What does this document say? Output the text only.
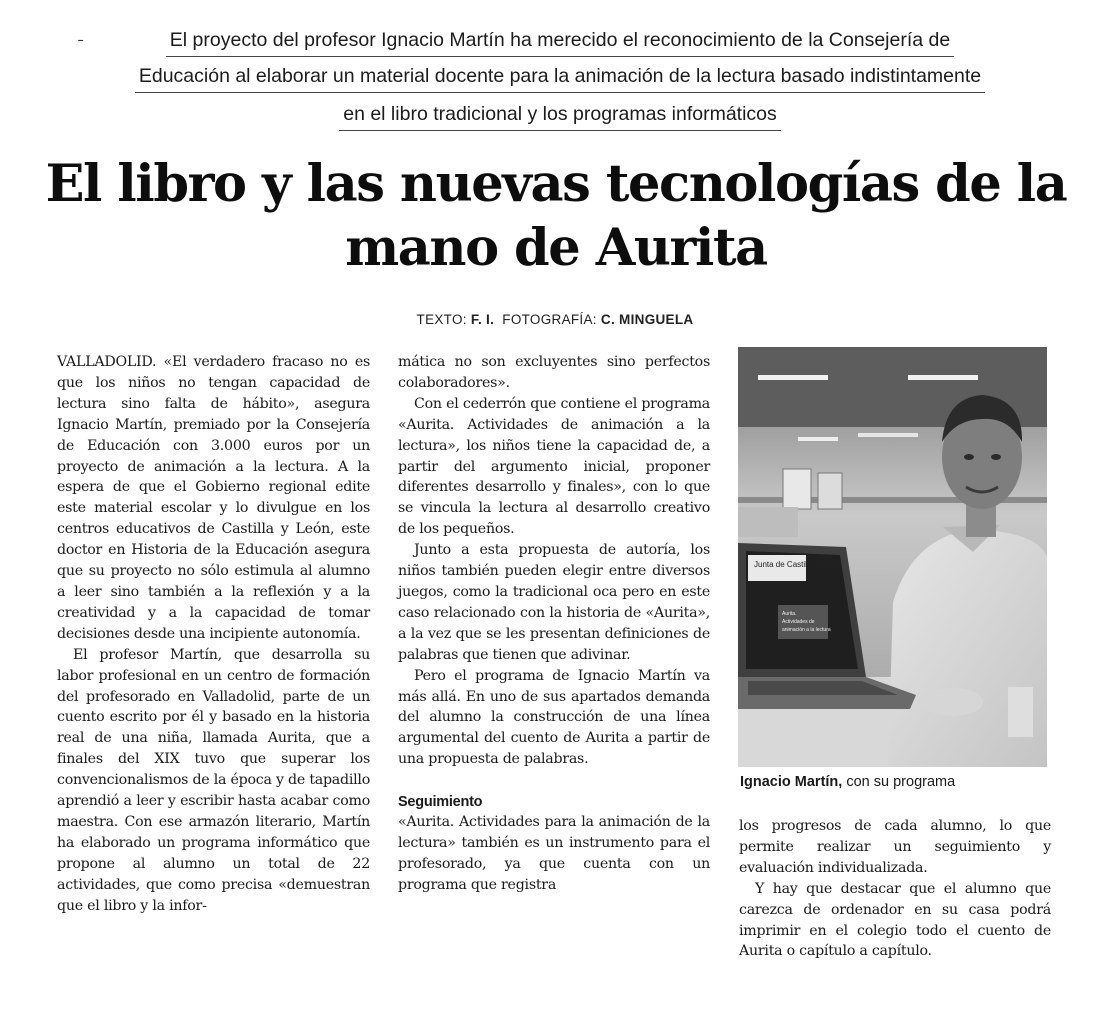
˗	El proyecto del profesor Ignacio Martín ha merecido el reconocimiento de la Consejería de
Educación al elaborar un material docente para la animación de la lectura basado indistintamente
en el libro tradicional y los programas informáticos
El libro y las nuevas tecnologías de la
mano de Aurita
TEXTO: F. I. FOTOGRAFÍA: C. MINGUELA

VALLADOLID. «El verdadero fracaso no es que los niños no tengan capacidad de lectura sino falta de hábito», asegura Ignacio Martín, premiado por la Consejería de Educación con 3.000 euros por un proyecto de animación a la lectura. A la espera de que el Gobierno regional edite este material escolar y lo divulgue en los centros educativos de Castilla y León, este doctor en Historia de la Educación asegura que su proyecto no sólo estimula al alumno a leer sino también a la reflexión y a la creatividad y a la capacidad de tomar decisiones desde una incipiente autonomía.

El profesor Martín, que desarrolla su labor profesional en un centro de formación del profesorado en Valladolid, parte de un cuento escrito por él y basado en la historia real de una niña, llamada Aurita, que a finales del XIX tuvo que superar los convencionalismos de la época y de tapadillo aprendió a leer y escribir hasta acabar como maestra. Con ese armazón literario, Martín ha elaborado un programa informático que propone al alumno un total de 22 actividades, que como precisa «demuestran que el libro y la infor-

mática no son excluyentes sino perfectos colaboradores».

Con el cederrón que contiene el programa «Aurita. Actividades de animación a la lectura», los niños tiene la capacidad de, a partir del argumento inicial, proponer diferentes desarrollo y finales», con lo que se vincula la lectura al desarrollo creativo de los pequeños.

Junto a esta propuesta de autoría, los niños también pueden elegir entre diversos juegos, como la tradicional oca pero en este caso relacionado con la historia de «Aurita», a la vez que se les presentan definiciones de palabras que tienen que adivinar.

Pero el programa de Ignacio Martín va más allá. En uno de sus apartados demanda del alumno la construcción de una línea argumental del cuento de Aurita a partir de una propuesta de palabras.

Seguimiento

«Aurita. Actividades para la animación de la lectura» también es un instrumento para el profesorado, ya que cuenta con un programa que registra

Junta de Castilla y León
Aurita.
Actividades de
animación a la lectura
Ignacio Martín, con su programa

los progresos de cada alumno, lo que permite realizar un seguimiento y evaluación individualizada.

Y hay que destacar que el alumno que carezca de ordenador en su casa podrá imprimir en el colegio todo el cuento de Aurita o capítulo a capítulo.
